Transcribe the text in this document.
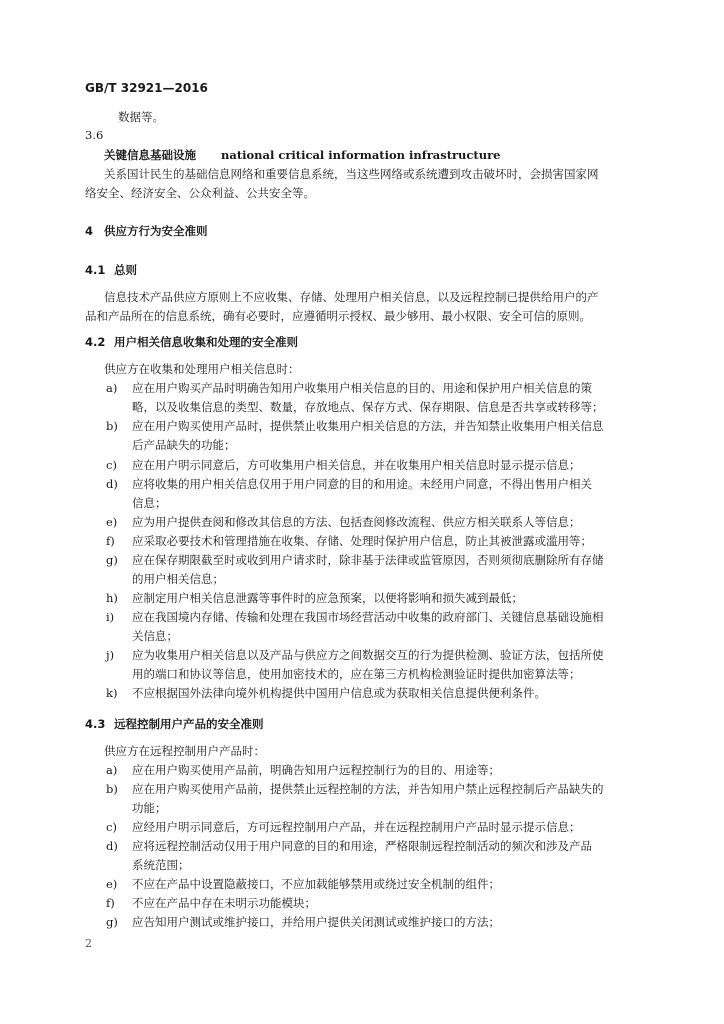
GB/T 32921—2016
数据等。
3.6
关键信息基础设施 national critical information infrastructure
关系国计民生的基础信息网络和重要信息系统，当这些网络或系统遭到攻击破坏时，会损害国家网
络安全、经济安全、公众利益、公共安全等。
4 供应方行为安全准则
4.1 总则
信息技术产品供应方原则上不应收集、存储、处理用户相关信息，以及远程控制已提供给用户的产
品和产品所在的信息系统，确有必要时，应遵循明示授权、最少够用、最小权限、安全可信的原则。
4.2 用户相关信息收集和处理的安全准则
供应方在收集和处理用户相关信息时：
a) 应在用户购买产品时明确告知用户收集用户相关信息的目的、用途和保护用户相关信息的策
略，以及收集信息的类型、数量，存放地点、保存方式、保存期限、信息是否共享或转移等；
b) 应在用户购买使用产品时，提供禁止收集用户相关信息的方法，并告知禁止收集用户相关信息
后产品缺失的功能；
c) 应在用户明示同意后，方可收集用户相关信息，并在收集用户相关信息时显示提示信息；
d) 应将收集的用户相关信息仅用于用户同意的目的和用途。未经用户同意，不得出售用户相关
信息；
e) 应为用户提供查阅和修改其信息的方法、包括查阅修改流程、供应方相关联系人等信息；
f) 应采取必要技术和管理措施在收集、存储、处理时保护用户信息，防止其被泄露或滥用等；
g) 应在保存期限截至时或收到用户请求时，除非基于法律或监管原因，否则须彻底删除所有存储
的用户相关信息；
h) 应制定用户相关信息泄露等事件时的应急预案，以便将影响和损失减到最低；
i) 应在我国境内存储、传输和处理在我国市场经营活动中收集的政府部门、关键信息基础设施相
关信息；
j) 应为收集用户相关信息以及产品与供应方之间数据交互的行为提供检测、验证方法，包括所使
用的端口和协议等信息，使用加密技术的，应在第三方机构检测验证时提供加密算法等；
k) 不应根据国外法律向境外机构提供中国用户信息或为获取相关信息提供便利条件。
4.3 远程控制用户产品的安全准则
供应方在远程控制用户产品时：
a) 应在用户购买使用产品前，明确告知用户远程控制行为的目的、用途等；
b) 应在用户购买使用产品前，提供禁止远程控制的方法，并告知用户禁止远程控制后产品缺失的
功能；
c) 应经用户明示同意后，方可远程控制用户产品，并在远程控制用户产品时显示提示信息；
d) 应将远程控制活动仅用于用户同意的目的和用途，严格限制远程控制活动的频次和涉及产品
系统范围；
e) 不应在产品中设置隐蔽接口，不应加载能够禁用或绕过安全机制的组件；
f) 不应在产品中存在未明示功能模块；
g) 应告知用户测试或维护接口，并给用户提供关闭测试或维护接口的方法；
2
